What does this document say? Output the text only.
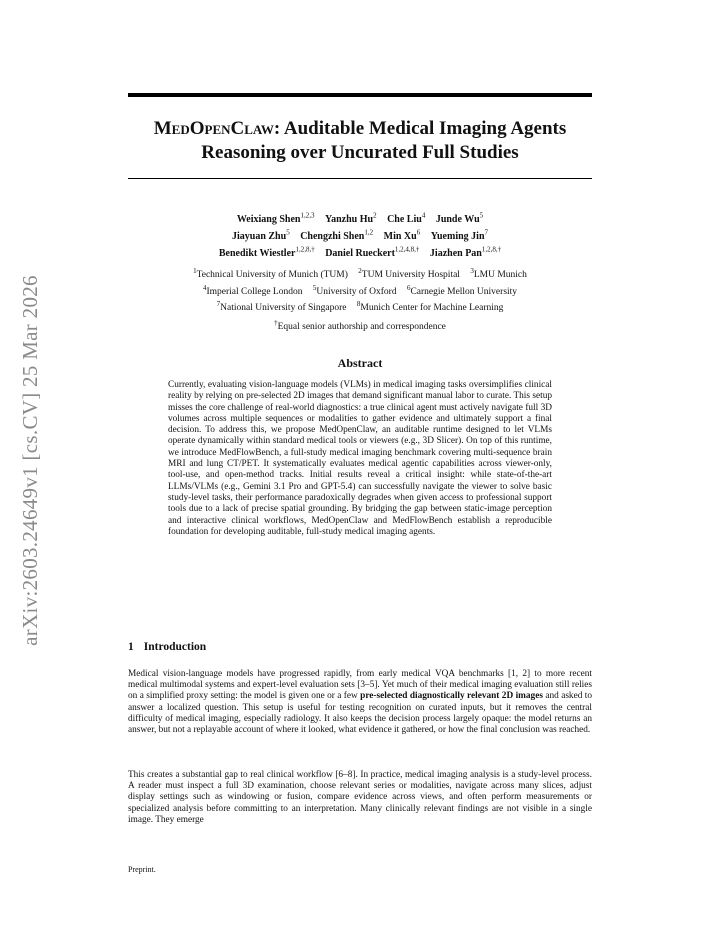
arXiv:2603.24649v1 [cs.CV] 25 Mar 2026
MedOpenClaw: Auditable Medical Imaging Agents
Reasoning over Uncurated Full Studies
Weixiang Shen$^{1,2,3}$ Yanzhu Hu$^2$ Che Liu$^4$ Junde Wu$^5$
Jiayuan Zhu$^5$ Chengzhi Shen$^{1,2}$ Min Xu$^6$ Yueming Jin$^7$
Benedikt Wiestler$^{1,2,8,\dagger}$ Daniel Rueckert$^{1,2,4,8,\dagger}$ Jiazhen Pan$^{1,2,8,\dagger}$
$^1$Technical University of Munich (TUM) $^2$TUM University Hospital $^3$LMU Munich
$^4$Imperial College London $^5$University of Oxford $^6$Carnegie Mellon University
$^7$National University of Singapore $^8$Munich Center for Machine Learning
†Equal senior authorship and correspondence
Abstract
Currently, evaluating vision-language models (VLMs) in medical imaging tasks oversimplifies clinical reality by relying on pre-selected 2D images that demand significant manual labor to curate. This setup misses the core challenge of real-world diagnostics: a true clinical agent must actively navigate full 3D volumes across multiple sequences or modalities to gather evidence and ultimately support a final decision. To address this, we propose MedOpenClaw, an auditable runtime designed to let VLMs operate dynamically within standard medical tools or viewers (e.g., 3D Slicer). On top of this runtime, we introduce MedFlowBench, a full-study medical imaging benchmark covering multi-sequence brain MRI and lung CT/PET. It systematically evaluates medical agentic capabilities across viewer-only, tool-use, and open-method tracks. Initial results reveal a critical insight: while state-of-the-art LLMs/VLMs (e.g., Gemini 3.1 Pro and GPT-5.4) can successfully navigate the viewer to solve basic study-level tasks, their performance paradoxically degrades when given access to professional support tools due to a lack of precise spatial grounding. By bridging the gap between static-image perception and interactive clinical workflows, MedOpenClaw and MedFlowBench establish a reproducible foundation for developing auditable, full-study medical imaging agents.
1 Introduction
Medical vision-language models have progressed rapidly, from early medical VQA benchmarks [1, 2] to more recent medical multimodal systems and expert-level evaluation sets [3–5]. Yet much of their medical imaging evaluation still relies on a simplified proxy setting: the model is given one or a few pre-selected diagnostically relevant 2D images and asked to answer a localized question. This setup is useful for testing recognition on curated inputs, but it removes the central difficulty of medical imaging, especially radiology. It also keeps the decision process largely opaque: the model returns an answer, but not a replayable account of where it looked, what evidence it gathered, or how the final conclusion was reached.
This creates a substantial gap to real clinical workflow [6–8]. In practice, medical imaging analysis is a study-level process. A reader must inspect a full 3D examination, choose relevant series or modalities, navigate across many slices, adjust display settings such as windowing or fusion, compare evidence across views, and often perform measurements or specialized analysis before committing to an interpretation. Many clinically relevant findings are not visible in a single image. They emerge
Preprint.
